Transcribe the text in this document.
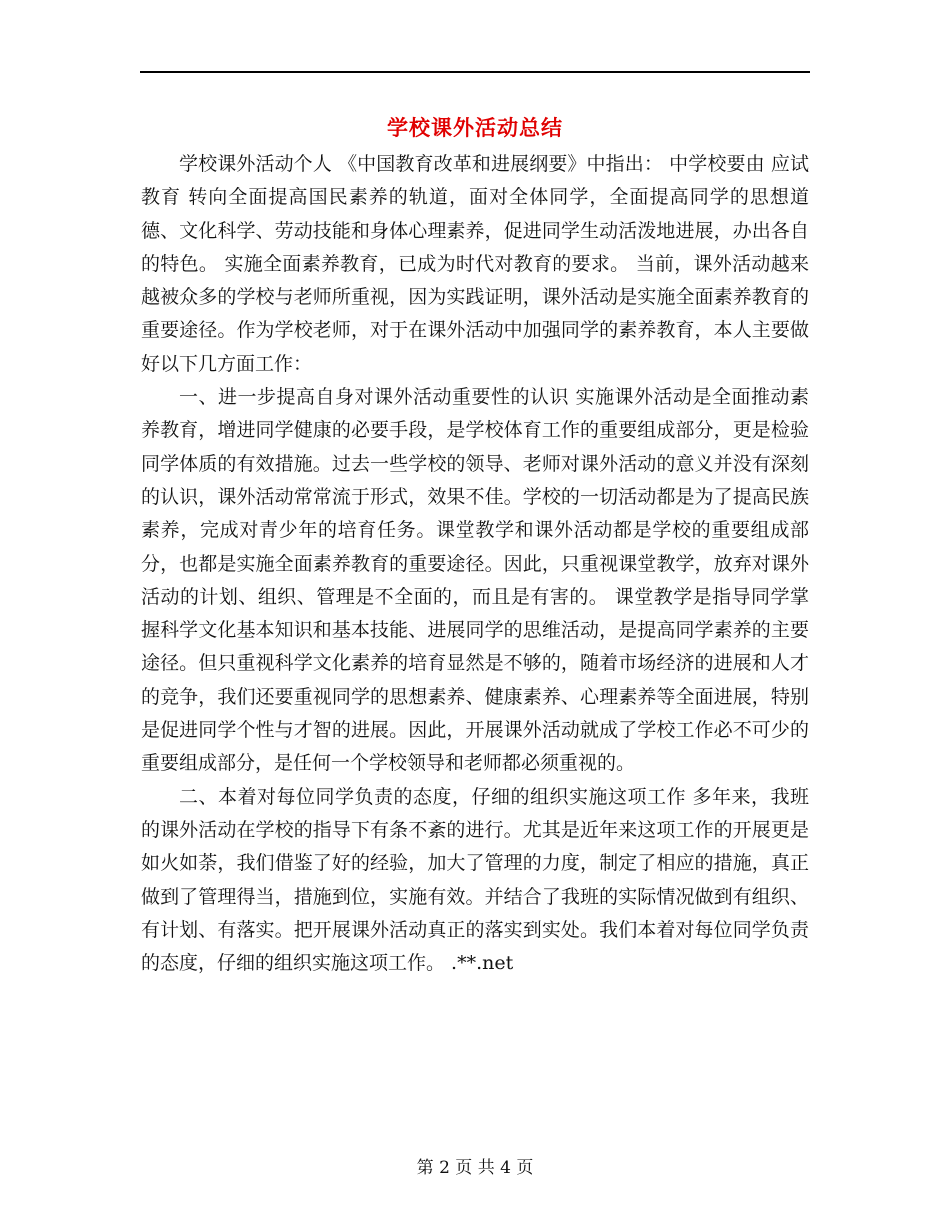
学校课外活动总结

学校课外活动个人 《中国教育改革和进展纲要》中指出： 中学校要由 应试教育 转向全面提高国民素养的轨道，面对全体同学，全面提高同学的思想道德、文化科学、劳动技能和身体心理素养，促进同学生动活泼地进展，办出各自的特色。 实施全面素养教育，已成为时代对教育的要求。 当前，课外活动越来越被众多的学校与老师所重视，因为实践证明，课外活动是实施全面素养教育的重要途径。作为学校老师，对于在课外活动中加强同学的素养教育，本人主要做好以下几方面工作：

一、进一步提高自身对课外活动重要性的认识 实施课外活动是全面推动素养教育，增进同学健康的必要手段，是学校体育工作的重要组成部分，更是检验同学体质的有效措施。过去一些学校的领导、老师对课外活动的意义并没有深刻的认识，课外活动常常流于形式，效果不佳。学校的一切活动都是为了提高民族素养，完成对青少年的培育任务。课堂教学和课外活动都是学校的重要组成部分，也都是实施全面素养教育的重要途径。因此，只重视课堂教学，放弃对课外活动的计划、组织、管理是不全面的，而且是有害的。 课堂教学是指导同学掌握科学文化基本知识和基本技能、进展同学的思维活动，是提高同学素养的主要途径。但只重视科学文化素养的培育显然是不够的，随着市场经济的进展和人才的竞争，我们还要重视同学的思想素养、健康素养、心理素养等全面进展，特别是促进同学个性与才智的进展。因此，开展课外活动就成了学校工作必不可少的重要组成部分，是任何一个学校领导和老师都必须重视的。

二、本着对每位同学负责的态度，仔细的组织实施这项工作 多年来，我班的课外活动在学校的指导下有条不紊的进行。尤其是近年来这项工作的开展更是如火如荼，我们借鉴了好的经验，加大了管理的力度，制定了相应的措施，真正做到了管理得当，措施到位，实施有效。并结合了我班的实际情况做到有组织、有计划、有落实。把开展课外活动真正的落实到实处。我们本着对每位同学负责的态度，仔细的组织实施这项工作。 .**.net

第 2 页 共 4 页
